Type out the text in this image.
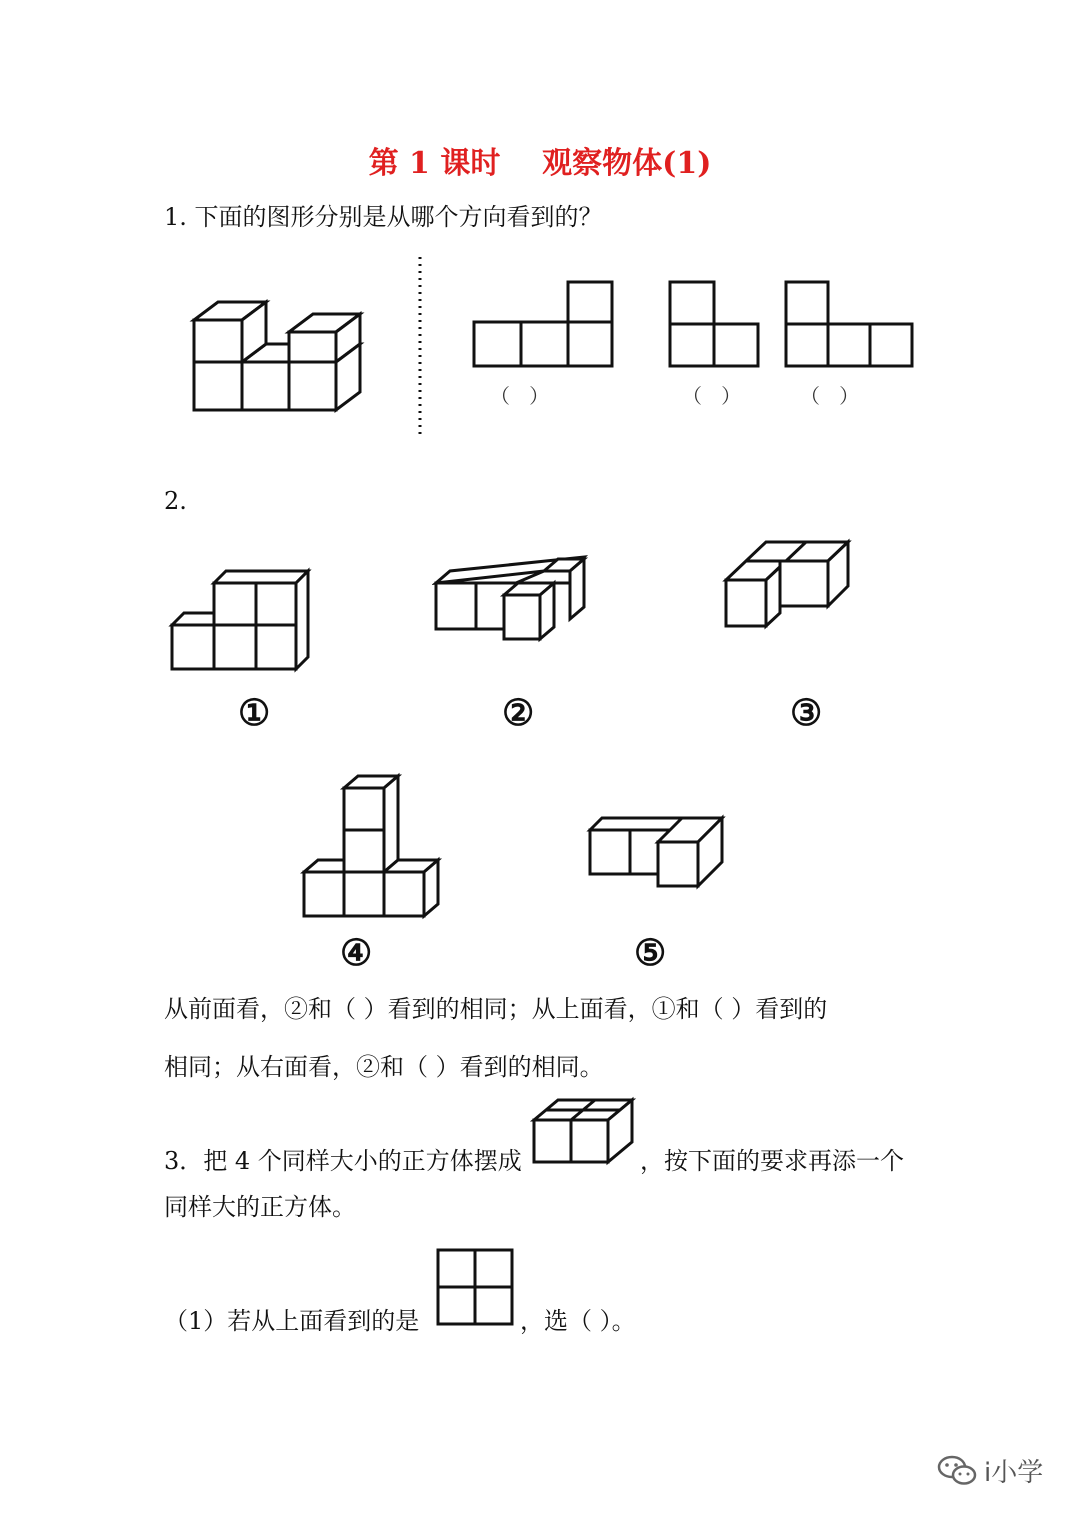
第 1 课时    观察物体(1)
1. 下面的图形分别是从哪个方向看到的？
（   ）	（   ）	（   ）
2.
①	②	③
④	⑤
从前面看，②和（ ）看到的相同；从上面看，①和（ ）看到的
相同；从右面看，②和（ ）看到的相同。
3．把 4 个同样大小的正方体摆成	，按下面的要求再添一个
同样大的正方体。
（1）若从上面看到的是	，选（ ）。
i小学
